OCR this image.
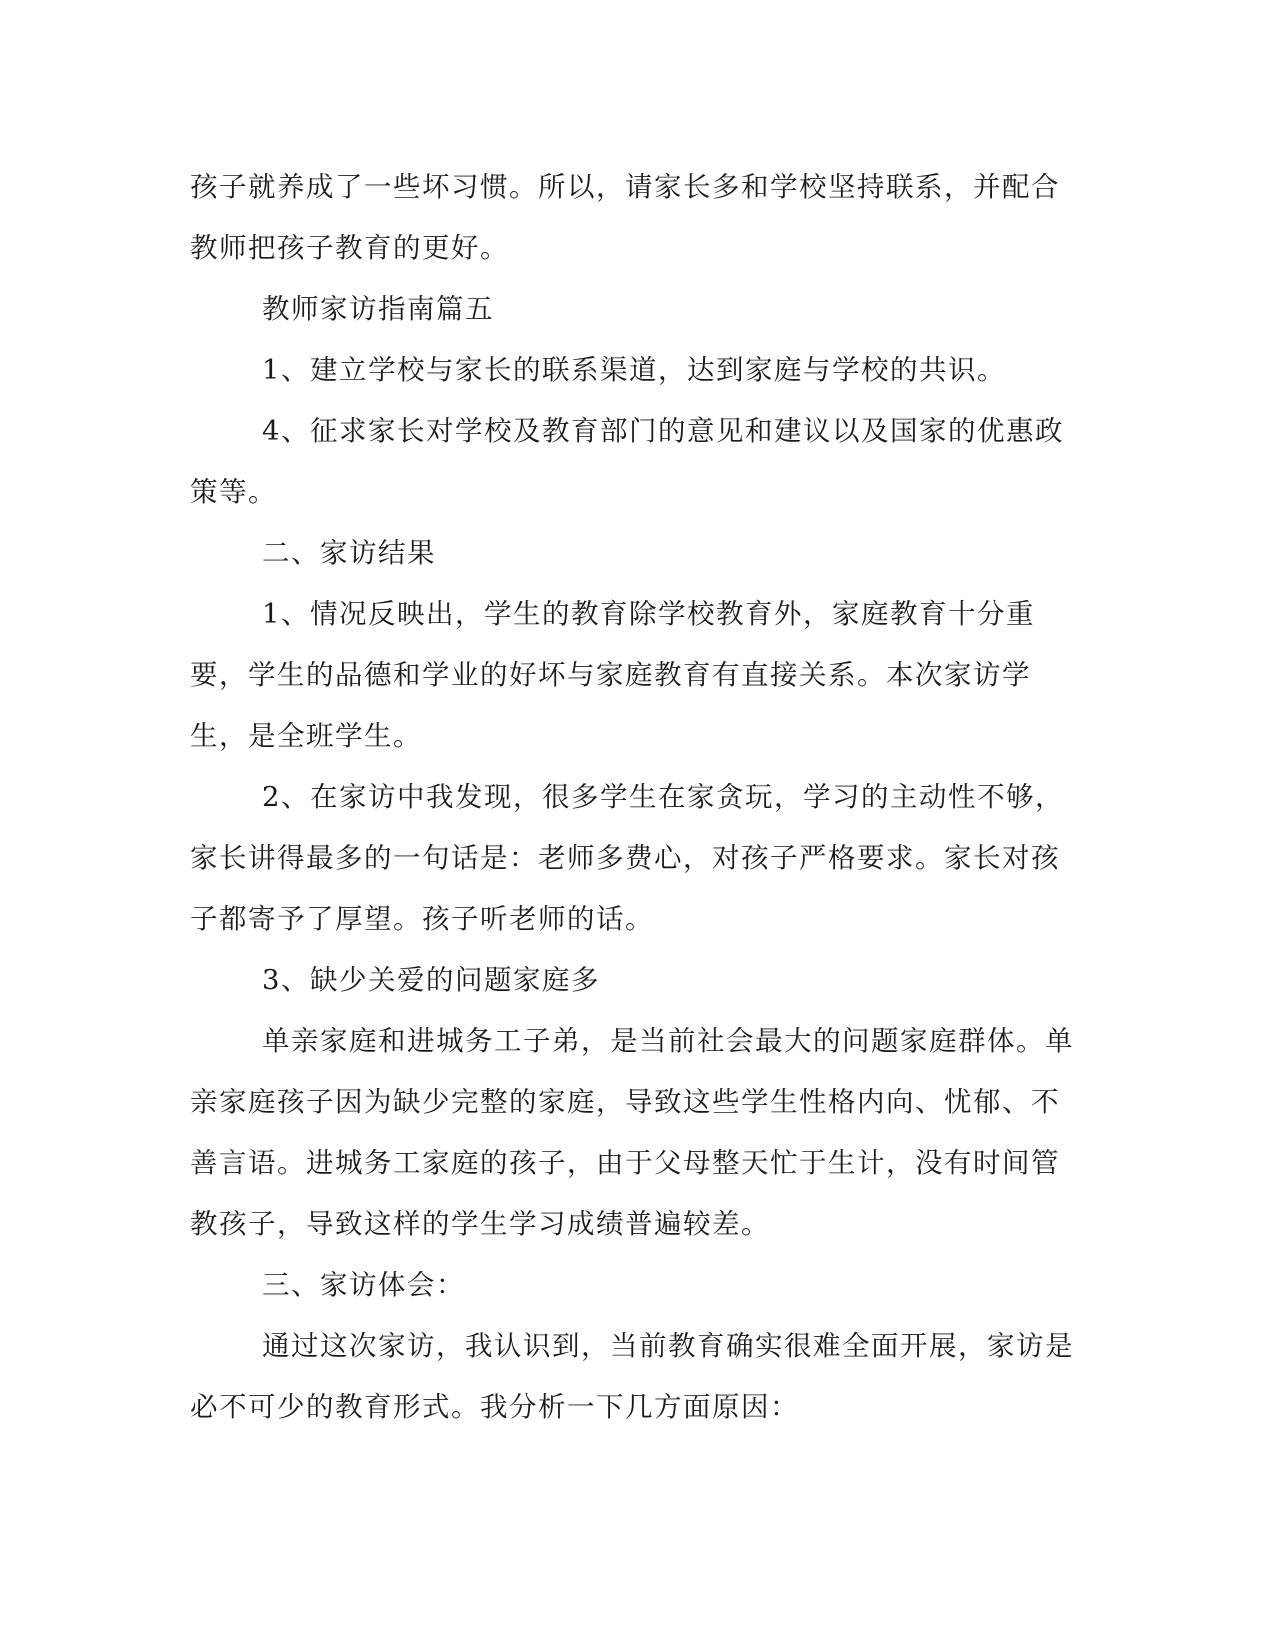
孩子就养成了一些坏习惯。所以，请家长多和学校坚持联系，并配合教师把孩子教育的更好。

教师家访指南篇五

1、建立学校与家长的联系渠道，达到家庭与学校的共识。

4、征求家长对学校及教育部门的意见和建议以及国家的优惠政策等。

二、家访结果

1、情况反映出，学生的教育除学校教育外，家庭教育十分重要，学生的品德和学业的好坏与家庭教育有直接关系。本次家访学生，是全班学生。

2、在家访中我发现，很多学生在家贪玩，学习的主动性不够，家长讲得最多的一句话是：老师多费心，对孩子严格要求。家长对孩子都寄予了厚望。孩子听老师的话。

3、缺少关爱的问题家庭多

单亲家庭和进城务工子弟，是当前社会最大的问题家庭群体。单亲家庭孩子因为缺少完整的家庭，导致这些学生性格内向、忧郁、不善言语。进城务工家庭的孩子，由于父母整天忙于生计，没有时间管教孩子，导致这样的学生学习成绩普遍较差。

三、家访体会：

通过这次家访，我认识到，当前教育确实很难全面开展，家访是必不可少的教育形式。我分析一下几方面原因：
